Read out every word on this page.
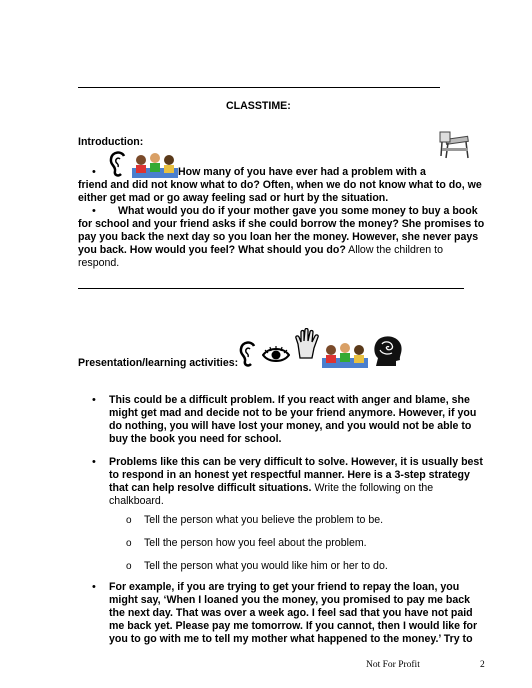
CLASSTIME:
Introduction:
•	How many of you have ever had a problem with a
friend and did not know what to do? Often, when we do not know what to do, we
either get mad or go away feeling sad or hurt by the situation.
• What would you do if your mother gave you some money to buy a book
for school and your friend asks if she could borrow the money? She promises to
pay you back the next day so you loan her the money. However, she never pays
you back. How would you feel? What should you do? Allow the children to
respond.
Presentation/learning activities:
• This could be a difficult problem. If you react with anger and blame, she
might get mad and decide not to be your friend anymore. However, if you
do nothing, you will have lost your money, and you would not be able to
buy the book you need for school.
• Problems like this can be very difficult to solve. However, it is usually best
to respond in an honest yet respectful manner. Here is a 3-step strategy
that can help resolve difficult situations. Write the following on the
chalkboard.
o Tell the person what you believe the problem to be.
o Tell the person how you feel about the problem.
o Tell the person what you would like him or her to do.
• For example, if you are trying to get your friend to repay the loan, you
might say, ‘When I loaned you the money, you promised to pay me back
the next day. That was over a week ago. I feel sad that you have not paid
me back yet. Please pay me tomorrow. If you cannot, then I would like for
you to go with me to tell my mother what happened to the money.’ Try to
Not For Profit	2
